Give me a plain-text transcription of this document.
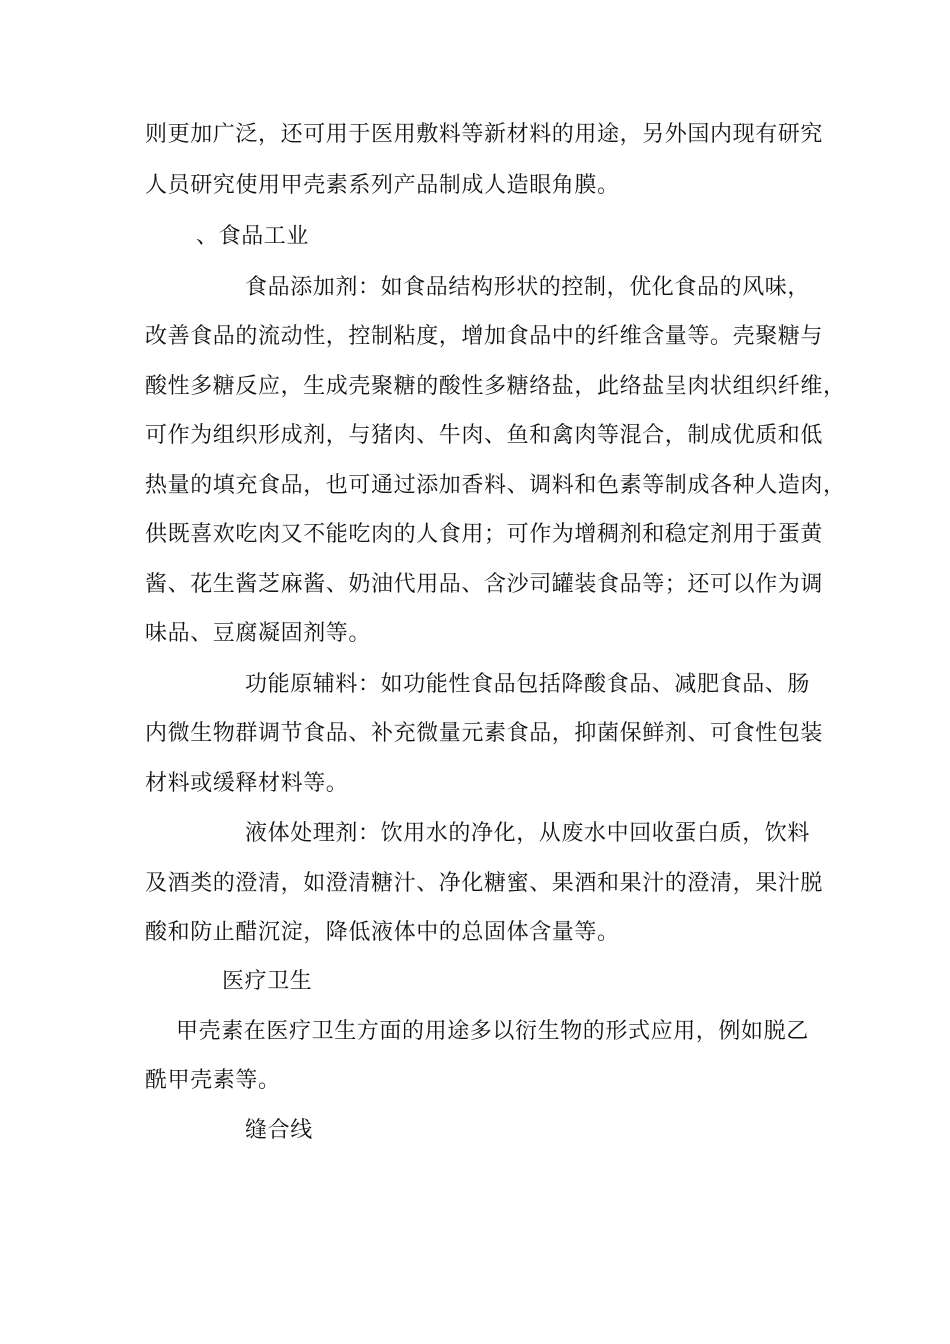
则更加广泛，还可用于医用敷料等新材料的用途，另外国内现有研究
人员研究使用甲壳素系列产品制成人造眼角膜。
、食品工业
食品添加剂：如食品结构形状的控制，优化食品的风味，
改善食品的流动性，控制粘度，增加食品中的纤维含量等。壳聚糖与
酸性多糖反应，生成壳聚糖的酸性多糖络盐，此络盐呈肉状组织纤维，
可作为组织形成剂，与猪肉、牛肉、鱼和禽肉等混合，制成优质和低
热量的填充食品，也可通过添加香料、调料和色素等制成各种人造肉，
供既喜欢吃肉又不能吃肉的人食用；可作为增稠剂和稳定剂用于蛋黄
酱、花生酱芝麻酱、奶油代用品、含沙司罐装食品等；还可以作为调
味品、豆腐凝固剂等。
功能原辅料：如功能性食品包括降酸食品、减肥食品、肠
内微生物群调节食品、补充微量元素食品，抑菌保鲜剂、可食性包装
材料或缓释材料等。
液体处理剂：饮用水的净化，从废水中回收蛋白质，饮料
及酒类的澄清，如澄清糖汁、净化糖蜜、果酒和果汁的澄清，果汁脱
酸和防止醋沉淀，降低液体中的总固体含量等。
医疗卫生
甲壳素在医疗卫生方面的用途多以衍生物的形式应用，例如脱乙
酰甲壳素等。
缝合线
